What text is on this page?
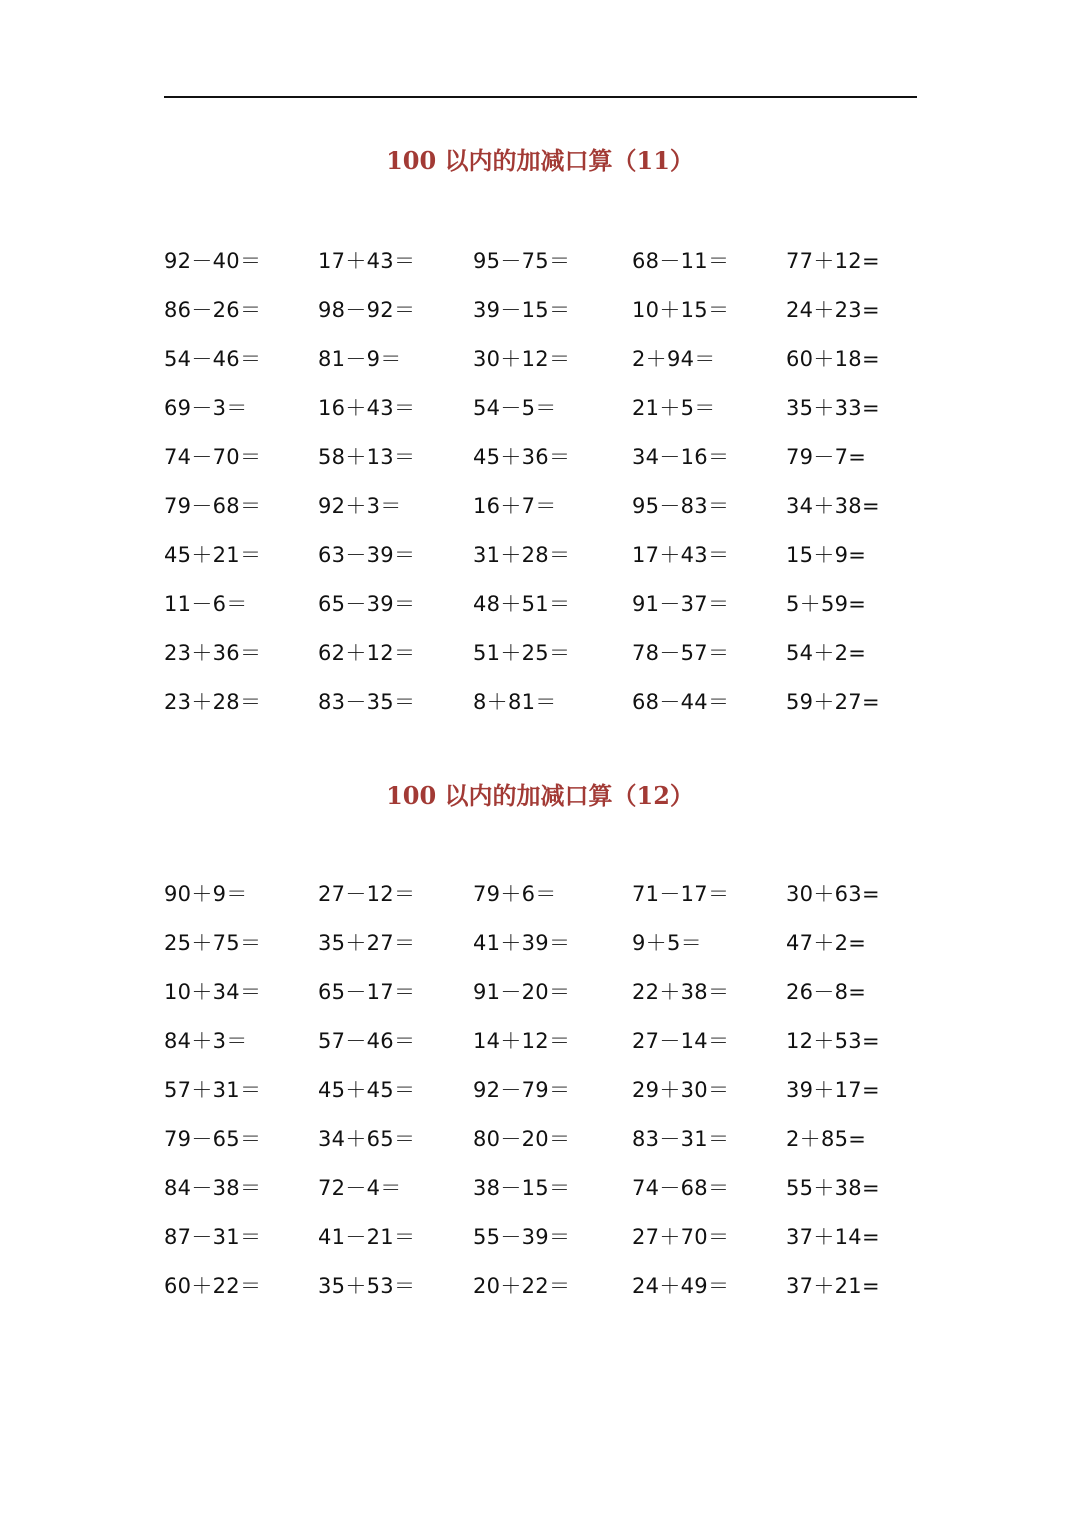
100 以内的加减口算（11）
92－40＝	17＋43＝	95－75＝	68－11＝	77＋12=
86－26＝	98－92＝	39－15＝	10＋15＝	24＋23=
54－46＝	81－9＝	30＋12＝	2＋94＝	60＋18=
69－3＝	16＋43＝	54－5＝	21＋5＝	35＋33=
74－70＝	58＋13＝	45＋36＝	34－16＝	79－7=
79－68＝	92＋3＝	16＋7＝	95－83＝	34＋38=
45＋21＝	63－39＝	31＋28＝	17＋43＝	15＋9=
11－6＝	65－39＝	48＋51＝	91－37＝	5＋59=
23＋36＝	62＋12＝	51＋25＝	78－57＝	54＋2=
23＋28＝	83－35＝	8＋81＝	68－44＝	59＋27=
100 以内的加减口算（12）
90＋9＝	27－12＝	79＋6＝	71－17＝	30＋63=
25＋75＝	35＋27＝	41＋39＝	9＋5＝	47＋2=
10＋34＝	65－17＝	91－20＝	22＋38＝	26－8=
84＋3＝	57－46＝	14＋12＝	27－14＝	12＋53=
57＋31＝	45＋45＝	92－79＝	29＋30＝	39＋17=
79－65＝	34＋65＝	80－20＝	83－31＝	2＋85=
84－38＝	72－4＝	38－15＝	74－68＝	55＋38=
87－31＝	41－21＝	55－39＝	27＋70＝	37＋14=
60＋22＝	35＋53＝	20＋22＝	24＋49＝	37＋21=
